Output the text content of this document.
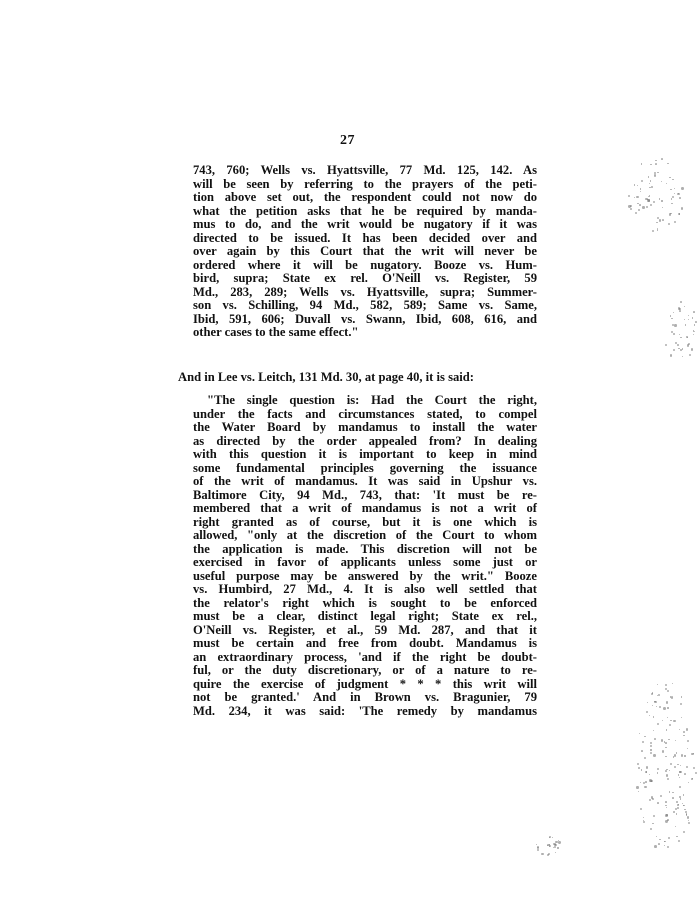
27
743, 760; Wells vs. Hyattsville, 77 Md. 125, 142. As
will be seen by referring to the prayers of the peti-
tion above set out, the respondent could not now do
what the petition asks that he be required by manda-
mus to do, and the writ would be nugatory if it was
directed to be issued. It has been decided over and
over again by this Court that the writ will never be
ordered where it will be nugatory. Booze vs. Hum-
bird, supra; State ex rel. O'Neill vs. Register, 59
Md., 283, 289; Wells vs. Hyattsville, supra; Summer-
son vs. Schilling, 94 Md., 582, 589; Same vs. Same,
Ibid, 591, 606; Duvall vs. Swann, Ibid, 608, 616, and
other cases to the same effect."
And in Lee vs. Leitch, 131 Md. 30, at page 40, it is said:
"The single question is: Had the Court the right,
under the facts and circumstances stated, to compel
the Water Board by mandamus to install the water
as directed by the order appealed from? In dealing
with this question it is important to keep in mind
some fundamental principles governing the issuance
of the writ of mandamus. It was said in Upshur vs.
Baltimore City, 94 Md., 743, that: 'It must be re-
membered that a writ of mandamus is not a writ of
right granted as of course, but it is one which is
allowed, "only at the discretion of the Court to whom
the application is made. This discretion will not be
exercised in favor of applicants unless some just or
useful purpose may be answered by the writ." Booze
vs. Humbird, 27 Md., 4. It is also well settled that
the relator's right which is sought to be enforced
must be a clear, distinct legal right; State ex rel.,
O'Neill vs. Register, et al., 59 Md. 287, and that it
must be certain and free from doubt. Mandamus is
an extraordinary process, 'and if the right be doubt-
ful, or the duty discretionary, or of a nature to re-
quire the exercise of judgment * * * this writ will
not be granted.' And in Brown vs. Bragunier, 79
Md. 234, it was said: 'The remedy by mandamus
